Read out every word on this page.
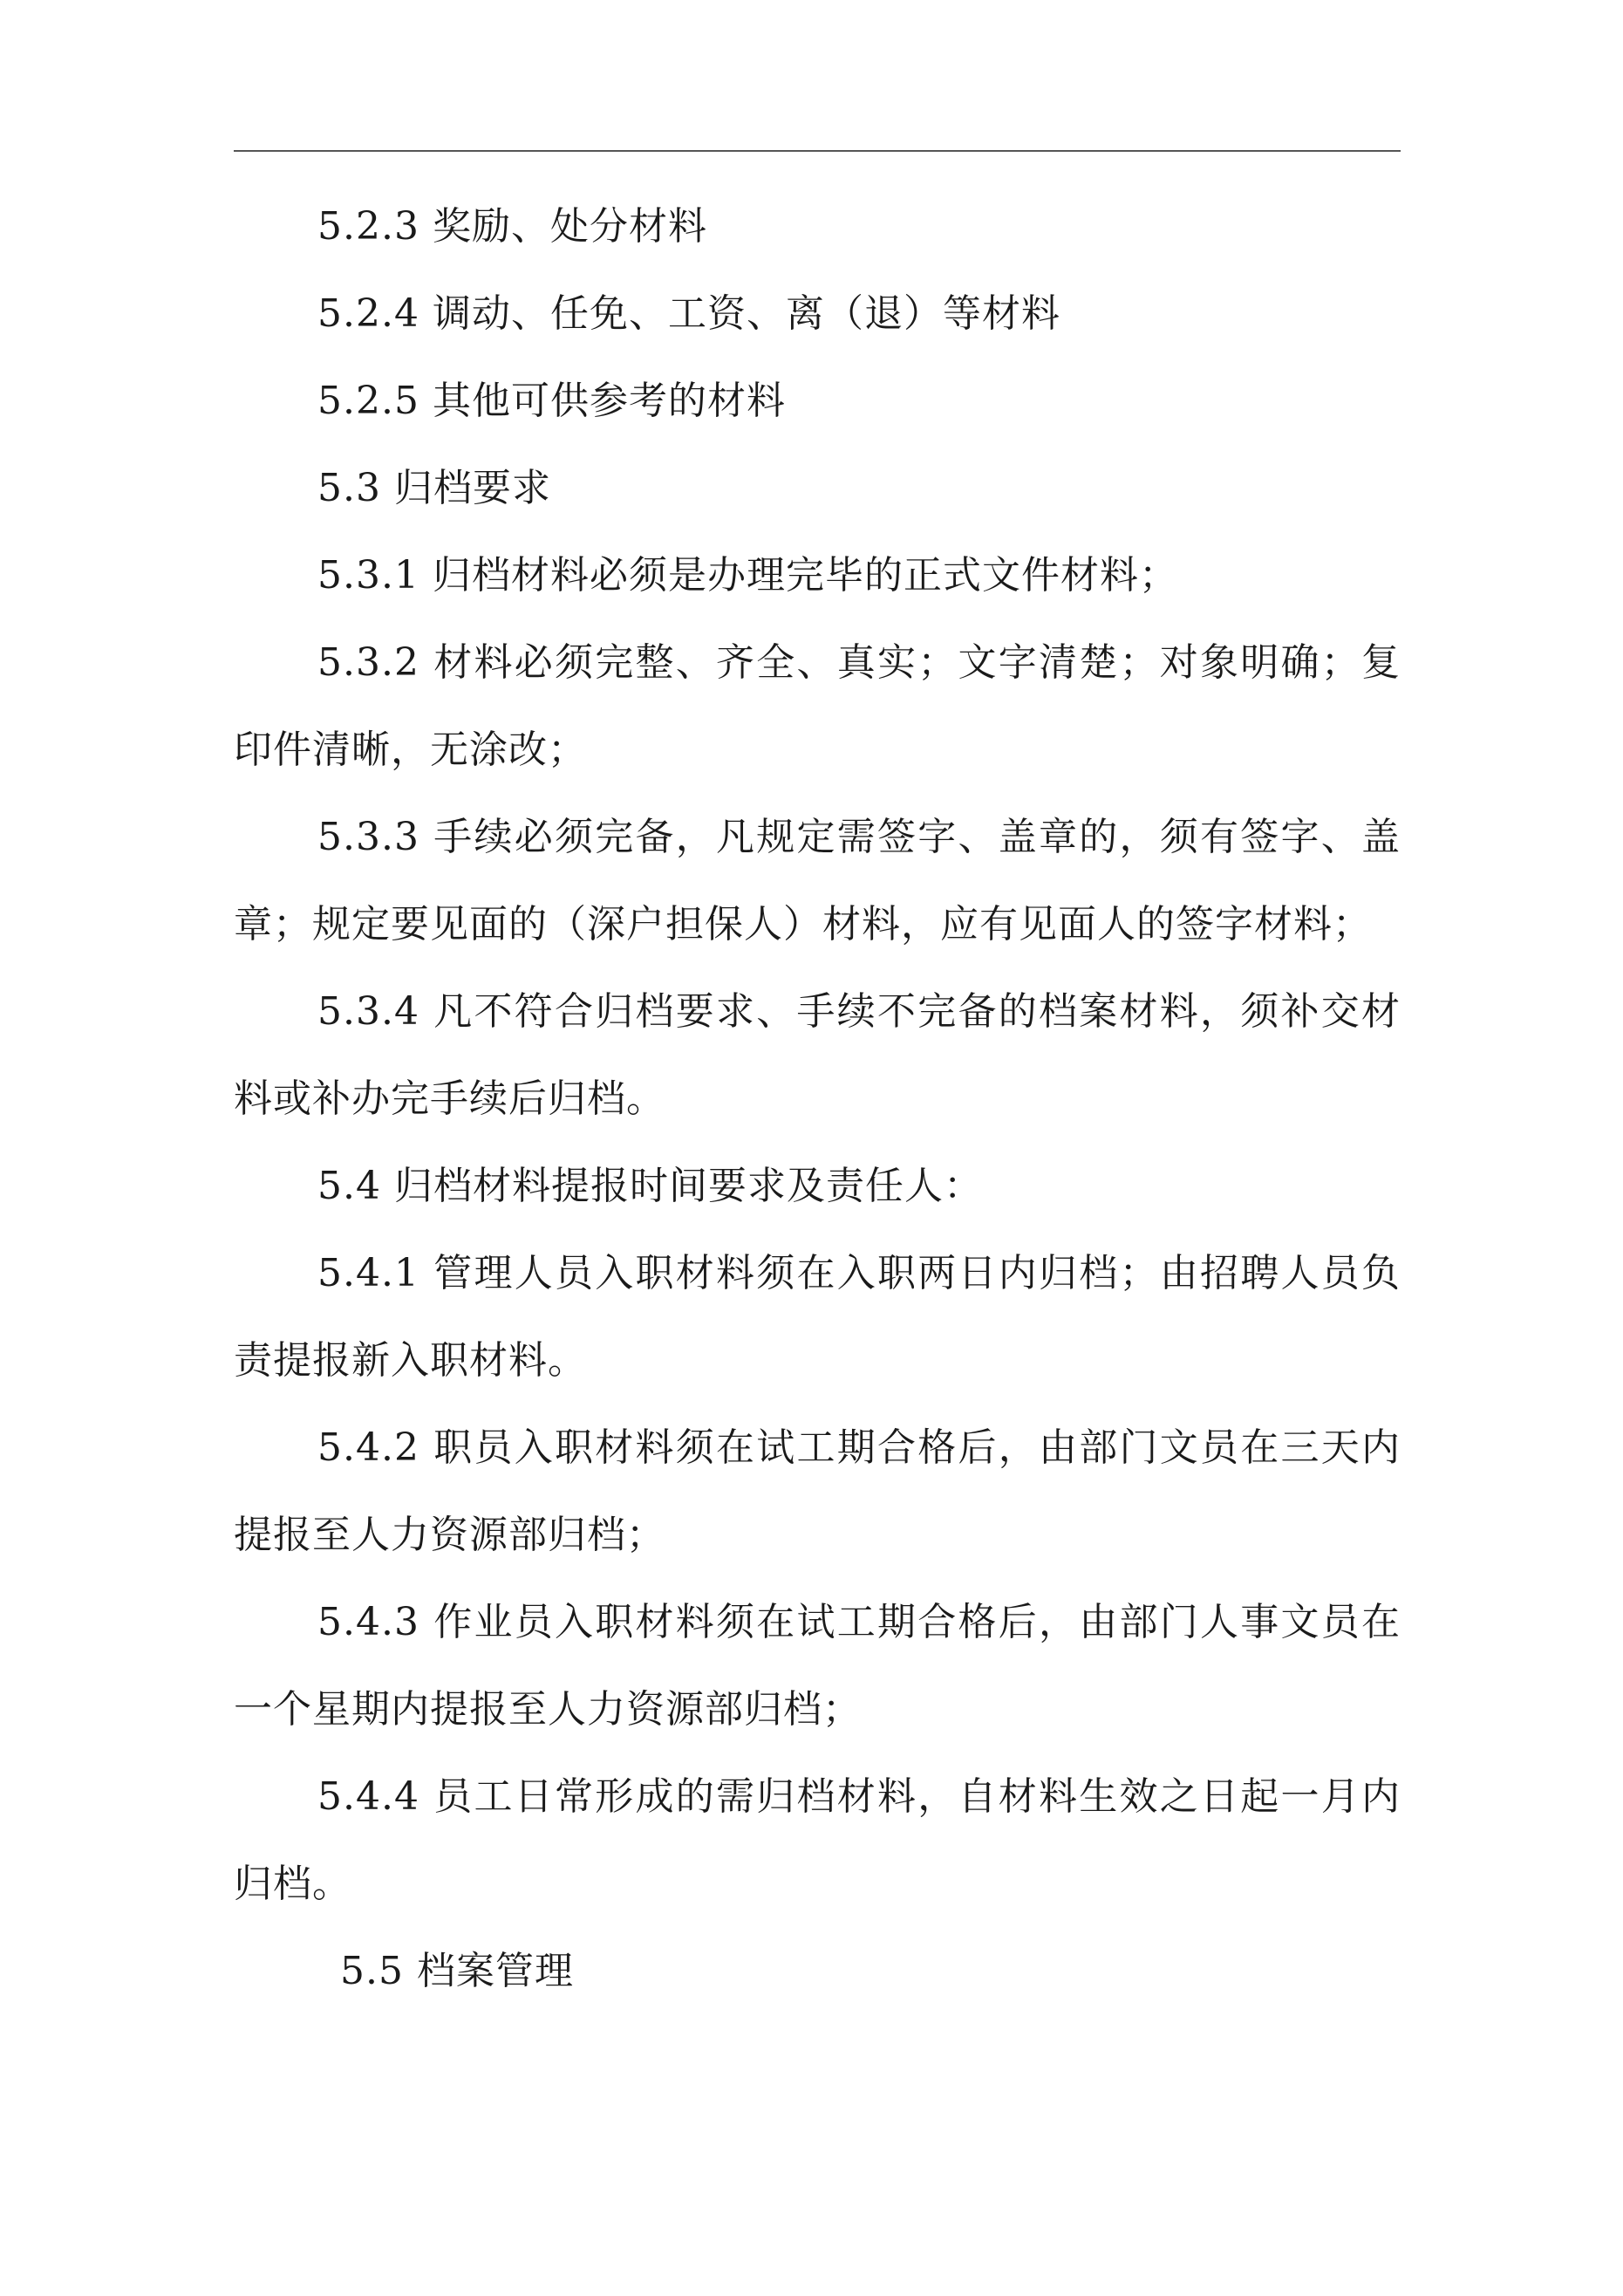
5.2.3 奖励、处分材料

5.2.4 调动、任免、工资、离（退）等材料

5.2.5 其他可供参考的材料

5.3 归档要求

5.3.1 归档材料必须是办理完毕的正式文件材料；

5.3.2 材料必须完整、齐全、真实；文字清楚；对象明确；复印件清晰，无涂改；

5.3.3 手续必须完备，凡规定需签字、盖章的，须有签字、盖章；规定要见面的（深户担保人）材料，应有见面人的签字材料；

5.3.4 凡不符合归档要求、手续不完备的档案材料，须补交材料或补办完手续后归档。

5.4 归档材料提报时间要求及责任人：

5.4.1 管理人员入职材料须在入职两日内归档；由招聘人员负责提报新入职材料。

5.4.2 职员入职材料须在试工期合格后，由部门文员在三天内提报至人力资源部归档；

5.4.3 作业员入职材料须在试工期合格后，由部门人事文员在一个星期内提报至人力资源部归档；

5.4.4 员工日常形成的需归档材料，自材料生效之日起一月内归档。

5.5 档案管理
